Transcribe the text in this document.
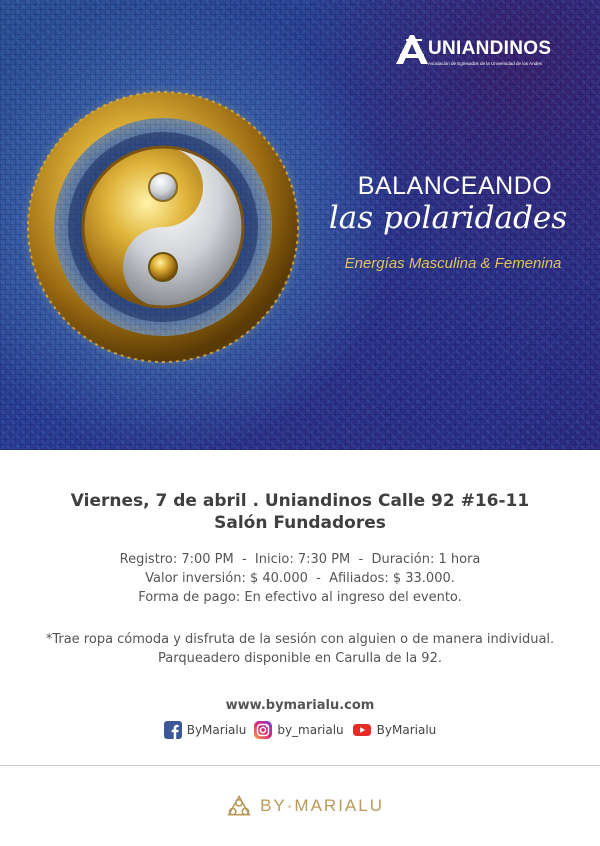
UNIANDINOS
Asociación de Egresados de la Universidad de los Andes
BALANCEANDO
las polaridades
Energías Masculina & Femenina
Viernes, 7 de abril . Uniandinos Calle 92 #16-11
Salón Fundadores
Registro: 7:00 PM  -  Inicio: 7:30 PM  -  Duración: 1 hora
Valor inversión: $ 40.000  -  Afiliados: $ 33.000.
Forma de pago: En efectivo al ingreso del evento.
*Trae ropa cómoda y disfruta de la sesión con alguien o de manera individual.
Parqueadero disponible en Carulla de la 92.
www.bymarialu.com
ByMarialu	by_marialu	ByMarialu
BY·MARIALU
